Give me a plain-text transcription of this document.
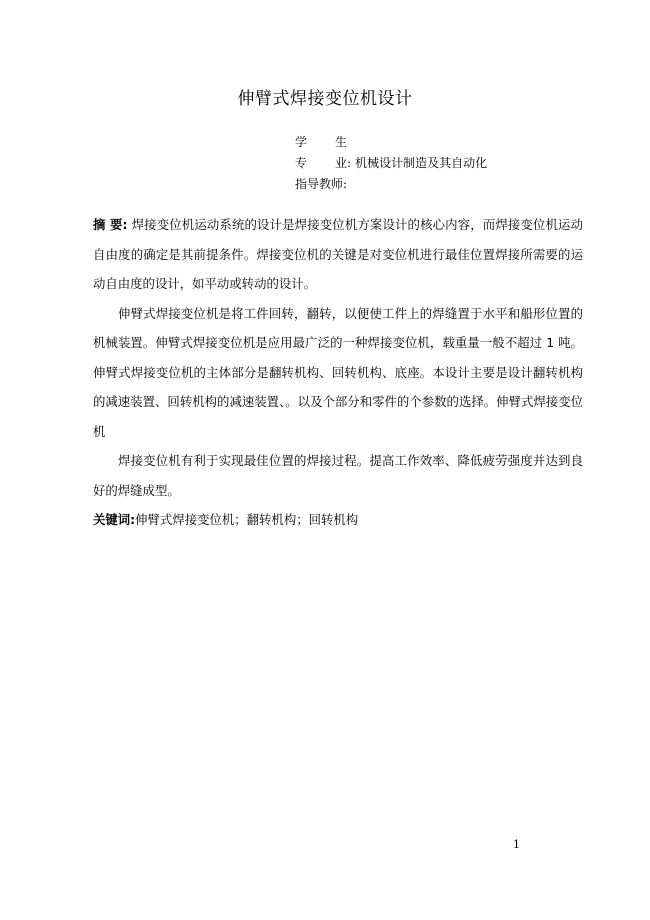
伸臂式焊接变位机设计
学 生
专 业: 机械设计制造及其自动化
指导教师:

摘 要: 焊接变位机运动系统的设计是焊接变位机方案设计的核心内容，而焊接变位机运动自由度的确定是其前提条件。焊接变位机的关键是对变位机进行最佳位置焊接所需要的运动自由度的设计，如平动或转动的设计。

伸臂式焊接变位机是将工件回转，翻转，以便使工件上的焊缝置于水平和船形位置的机械装置。伸臂式焊接变位机是应用最广泛的一种焊接变位机，载重量一般不超过 1 吨。伸臂式焊接变位机的主体部分是翻转机构、回转机构、底座。本设计主要是设计翻转机构的减速装置、回转机构的减速装置、。以及个部分和零件的个参数的选择。伸臂式焊接变位机

焊接变位机有利于实现最佳位置的焊接过程。提高工作效率、降低疲劳强度并达到良好的焊缝成型。

关键词:伸臂式焊接变位机；翻转机构；回转机构

1
